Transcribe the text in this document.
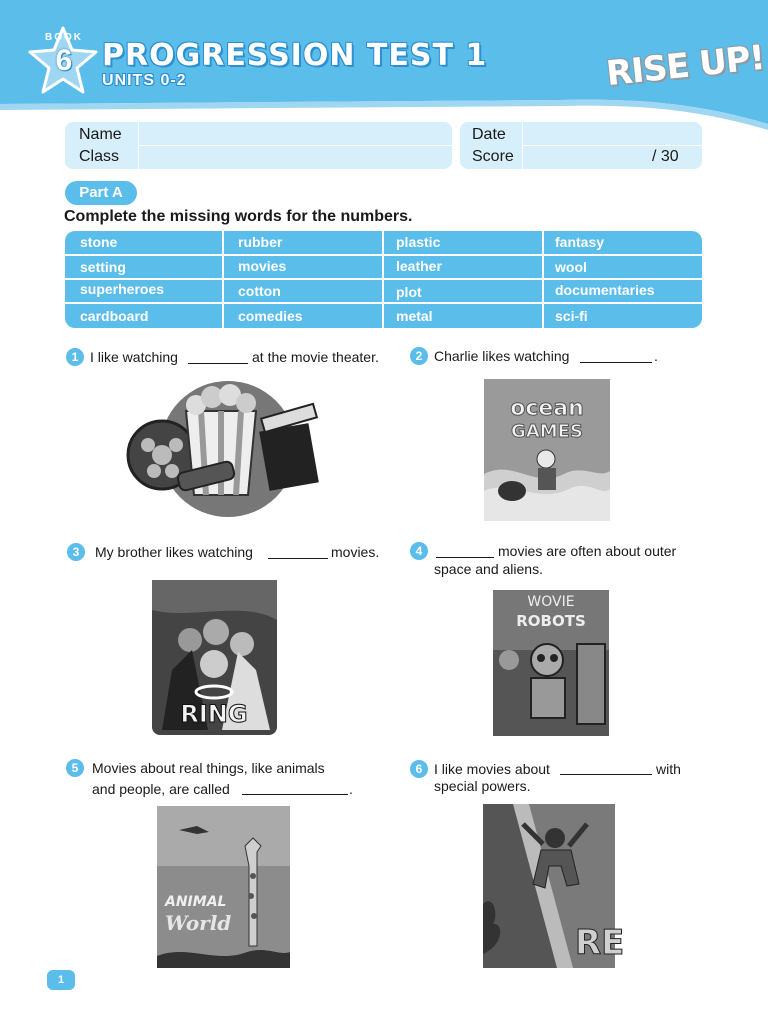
BOOK
6 PROGRESSION TEST 1
UNITS 0-2	RISE UP!
Name
Class
Date
Score	/ 30
Part A
Complete the missing words for the numbers.
stone	rubber	plastic	fantasy
setting	movies	leather	wool
superheroes	cotton	plot	documentaries
cardboard	comedies	metal	sci-fi
1 I like watching	at the movie theater.	2 Charlie likes watching	.
ocean
GAMES
3	My brother likes watching	movies.
RING
4	movies are often about outer
space and aliens.
WOVIE
ROBOTS
5 Movies about real things, like animals
and people, are called	.
ANIMAL
World
6 I like movies about	with
special powers.
RE
1
